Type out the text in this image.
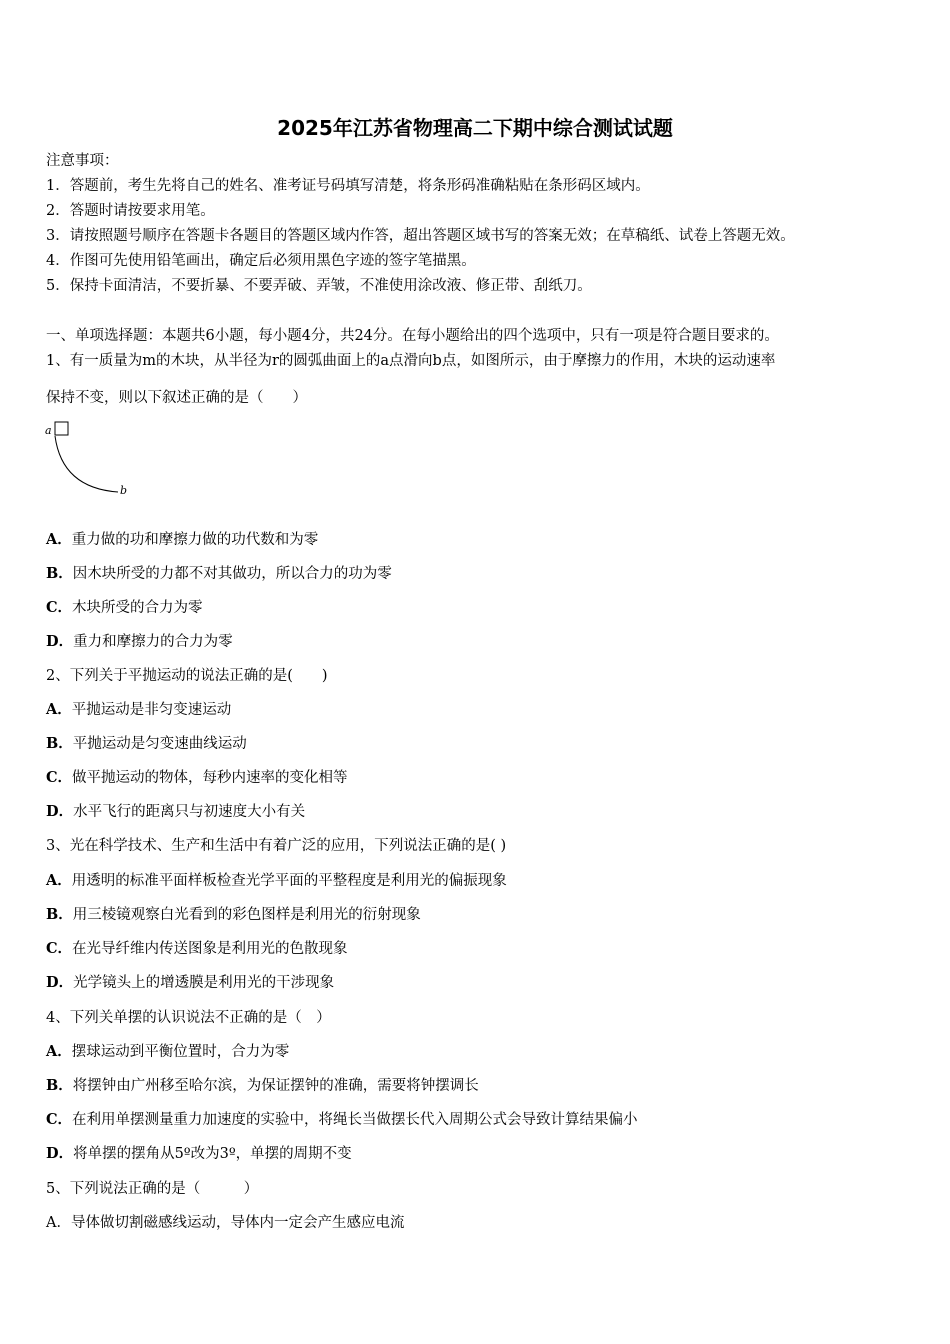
2025年江苏省物理高二下期中综合测试试题
注意事项：
1．答题前，考生先将自己的姓名、准考证号码填写清楚，将条形码准确粘贴在条形码区域内。
2．答题时请按要求用笔。
3．请按照题号顺序在答题卡各题目的答题区域内作答，超出答题区域书写的答案无效；在草稿纸、试卷上答题无效。
4．作图可先使用铅笔画出，确定后必须用黑色字迹的签字笔描黑。
5．保持卡面清洁，不要折暴、不要弄破、弄皱，不准使用涂改液、修正带、刮纸刀。
一、单项选择题：本题共6小题，每小题4分，共24分。在每小题给出的四个选项中，只有一项是符合题目要求的。
1、有一质量为m的木块，从半径为r的圆弧曲面上的a点滑向b点，如图所示，由于摩擦力的作用，木块的运动速率
保持不变，则以下叙述正确的是（　　）
a
b
A．重力做的功和摩擦力做的功代数和为零
B．因木块所受的力都不对其做功，所以合力的功为零
C．木块所受的合力为零
D．重力和摩擦力的合力为零
2、下列关于平抛运动的说法正确的是(　　)
A．平抛运动是非匀变速运动
B．平抛运动是匀变速曲线运动
C．做平抛运动的物体，每秒内速率的变化相等
D．水平飞行的距离只与初速度大小有关
3、光在科学技术、生产和生活中有着广泛的应用，下列说法正确的是( )
A．用透明的标准平面样板检查光学平面的平整程度是利用光的偏振现象
B．用三棱镜观察白光看到的彩色图样是利用光的衍射现象
C．在光导纤维内传送图象是利用光的色散现象
D．光学镜头上的增透膜是利用光的干涉现象
4、下列关单摆的认识说法不正确的是（　）
A．摆球运动到平衡位置时，合力为零
B．将摆钟由广州移至哈尔滨，为保证摆钟的准确，需要将钟摆调长
C．在利用单摆测量重力加速度的实验中，将绳长当做摆长代入周期公式会导致计算结果偏小
D．将单摆的摆角从5º改为3º，单摆的周期不变
5、下列说法正确的是（　　　）
A．导体做切割磁感线运动，导体内一定会产生感应电流
